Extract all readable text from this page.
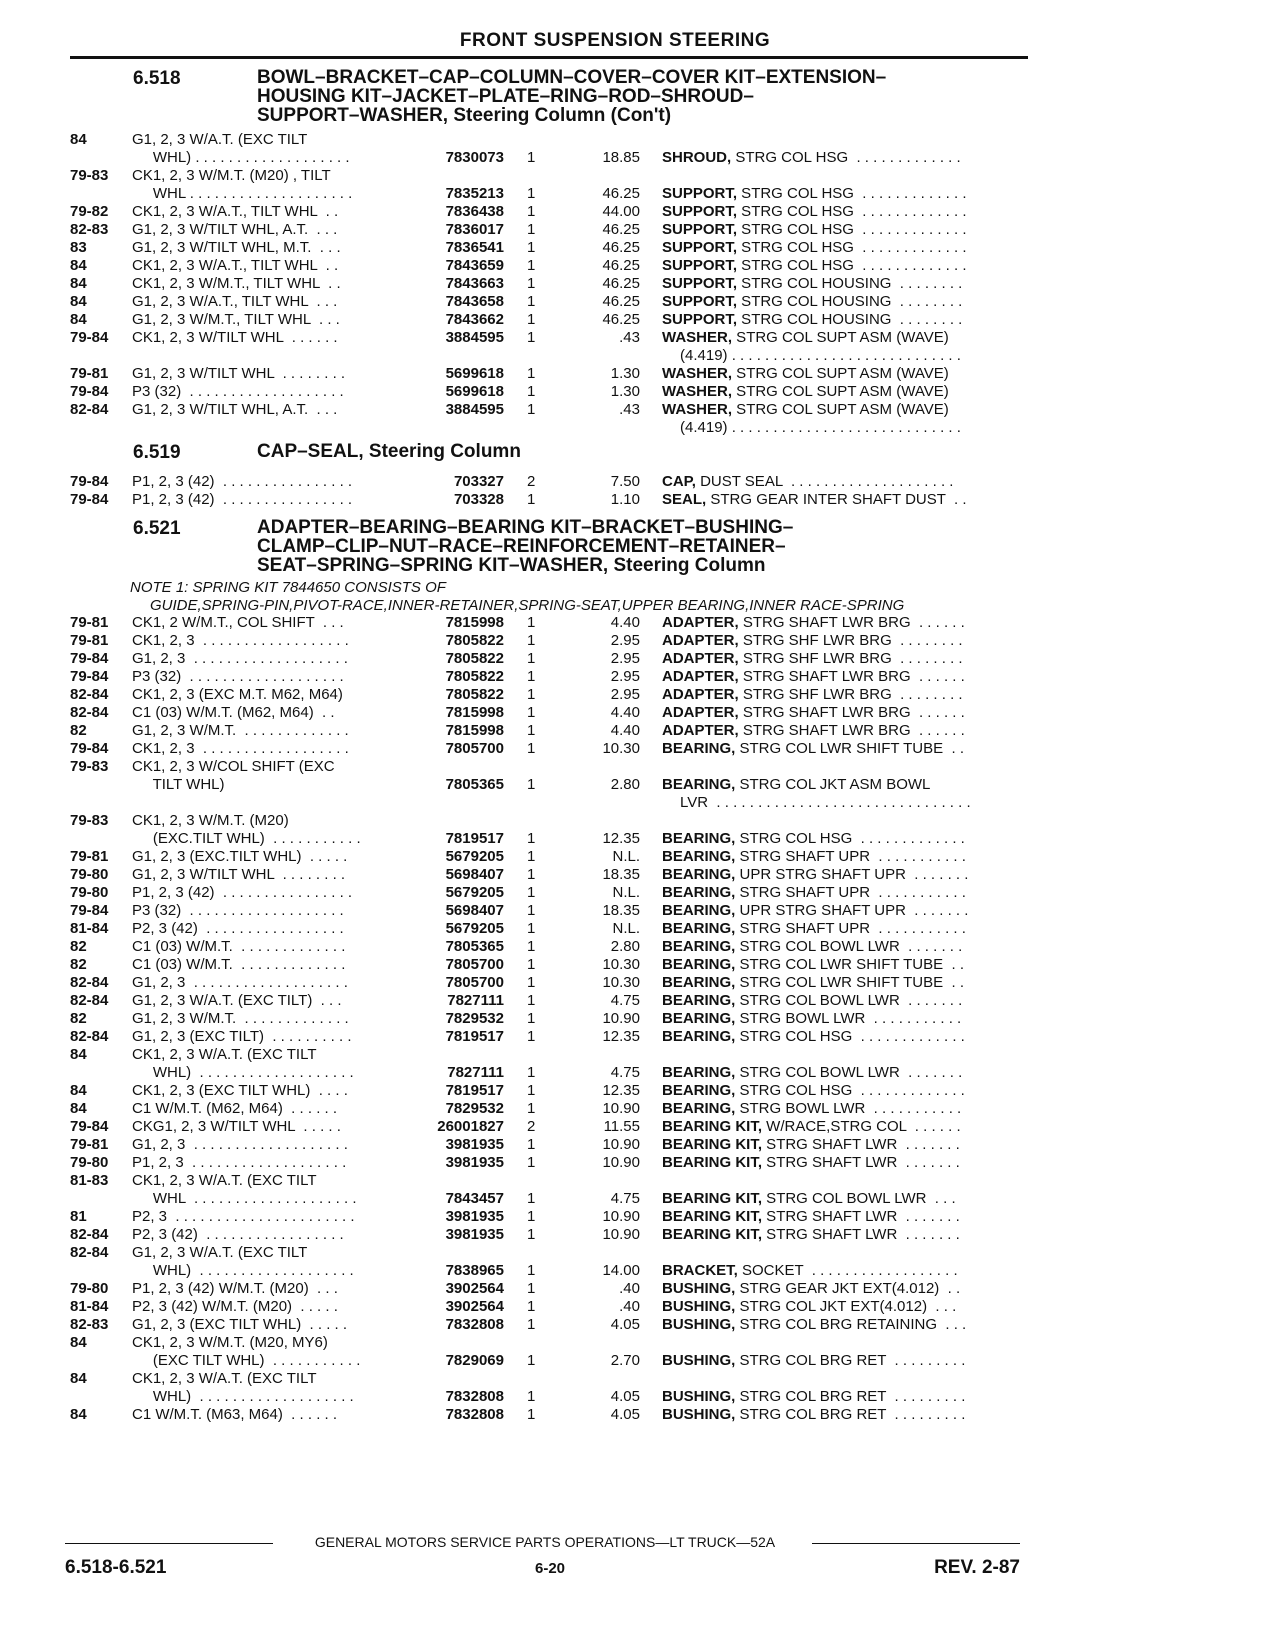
FRONT SUSPENSION STEERING
6.518	BOWL–BRACKET–CAP–COLUMN–COVER–COVER KIT–EXTENSION–
HOUSING KIT–JACKET–PLATE–RING–ROD–SHROUD–
SUPPORT–WASHER, Steering Column (Con't)
6.519	CAP–SEAL, Steering Column
6.521	ADAPTER–BEARING–BEARING KIT–BRACKET–BUSHING–
CLAMP–CLIP–NUT–RACE–REINFORCEMENT–RETAINER–
SEAT–SPRING–SPRING KIT–WASHER, Steering Column
NOTE 1: SPRING KIT 7844650 CONSISTS OF
GUIDE,SPRING-PIN,PIVOT-RACE,INNER-RETAINER,SPRING-SEAT,UPPER BEARING,INNER RACE-SPRING
84	G1, 2, 3 W/A.T. (EXC TILT
WHL) . . . . . . . . . . . . . . . . . . .	7830073 1	18.85 SHROUD, STRG COL HSG  . . . . . . . . . . . . .
79-83 CK1, 2, 3 W/M.T. (M20) , TILT
WHL . . . . . . . . . . . . . . . . . . . .	7835213 1	46.25 SUPPORT, STRG COL HSG  . . . . . . . . . . . . .
79-82 CK1, 2, 3 W/A.T., TILT WHL  . .	7836438 1	44.00 SUPPORT, STRG COL HSG  . . . . . . . . . . . . .
82-83 G1, 2, 3 W/TILT WHL, A.T.  . . .	7836017 1	46.25 SUPPORT, STRG COL HSG  . . . . . . . . . . . . .
83	G1, 2, 3 W/TILT WHL, M.T.  . . .	7836541 1	46.25 SUPPORT, STRG COL HSG  . . . . . . . . . . . . .
84	CK1, 2, 3 W/A.T., TILT WHL  . .	7843659 1	46.25 SUPPORT, STRG COL HSG  . . . . . . . . . . . . .
84	CK1, 2, 3 W/M.T., TILT WHL  . .	7843663 1	46.25 SUPPORT, STRG COL HOUSING  . . . . . . . .
84	G1, 2, 3 W/A.T., TILT WHL  . . .	7843658 1	46.25 SUPPORT, STRG COL HOUSING  . . . . . . . .
84	G1, 2, 3 W/M.T., TILT WHL  . . .	7843662 1	46.25 SUPPORT, STRG COL HOUSING  . . . . . . . .
79-84 CK1, 2, 3 W/TILT WHL  . . . . . .	3884595 1	.43 WASHER, STRG COL SUPT ASM (WAVE)
(4.419) . . . . . . . . . . . . . . . . . . . . . . . . . . . .
79-81 G1, 2, 3 W/TILT WHL  . . . . . . . .	5699618 1	1.30 WASHER, STRG COL SUPT ASM (WAVE)
79-84 P3 (32)  . . . . . . . . . . . . . . . . . . .	5699618 1	1.30 WASHER, STRG COL SUPT ASM (WAVE)
82-84 G1, 2, 3 W/TILT WHL, A.T.  . . .	3884595 1	.43 WASHER, STRG COL SUPT ASM (WAVE)
(4.419) . . . . . . . . . . . . . . . . . . . . . . . . . . . .
79-84 P1, 2, 3 (42)  . . . . . . . . . . . . . . . .	703327 2	7.50 CAP, DUST SEAL  . . . . . . . . . . . . . . . . . . . .
79-84 P1, 2, 3 (42)  . . . . . . . . . . . . . . . .	703328 1	1.10 SEAL, STRG GEAR INTER SHAFT DUST  . .
79-81 CK1, 2 W/M.T., COL SHIFT  . . .	7815998 1	4.40 ADAPTER, STRG SHAFT LWR BRG  . . . . . .
79-81 CK1, 2, 3  . . . . . . . . . . . . . . . . . .	7805822 1	2.95 ADAPTER, STRG SHF LWR BRG  . . . . . . . .
79-84 G1, 2, 3  . . . . . . . . . . . . . . . . . . .	7805822 1	2.95 ADAPTER, STRG SHF LWR BRG  . . . . . . . .
79-84 P3 (32)  . . . . . . . . . . . . . . . . . . .	7805822 1	2.95 ADAPTER, STRG SHAFT LWR BRG  . . . . . .
82-84 CK1, 2, 3 (EXC M.T. M62, M64)	7805822 1	2.95 ADAPTER, STRG SHF LWR BRG  . . . . . . . .
82-84 C1 (03) W/M.T. (M62, M64)  . .	7815998 1	4.40 ADAPTER, STRG SHAFT LWR BRG  . . . . . .
82	G1, 2, 3 W/M.T.  . . . . . . . . . . . . .	7815998 1	4.40 ADAPTER, STRG SHAFT LWR BRG  . . . . . .
79-84 CK1, 2, 3  . . . . . . . . . . . . . . . . . .	7805700 1	10.30 BEARING, STRG COL LWR SHIFT TUBE  . .
79-83 CK1, 2, 3 W/COL SHIFT (EXC
TILT WHL)	7805365 1	2.80 BEARING, STRG COL JKT ASM BOWL
LVR  . . . . . . . . . . . . . . . . . . . . . . . . . . . . . . .
79-83 CK1, 2, 3 W/M.T. (M20)
(EXC.TILT WHL)  . . . . . . . . . . .	7819517 1	12.35 BEARING, STRG COL HSG  . . . . . . . . . . . . .
79-81 G1, 2, 3 (EXC.TILT WHL)  . . . . .	5679205 1	N.L. BEARING, STRG SHAFT UPR  . . . . . . . . . . .
79-80 G1, 2, 3 W/TILT WHL  . . . . . . . .	5698407 1	18.35 BEARING, UPR STRG SHAFT UPR  . . . . . . .
79-80 P1, 2, 3 (42)  . . . . . . . . . . . . . . . .	5679205 1	N.L. BEARING, STRG SHAFT UPR  . . . . . . . . . . .
79-84 P3 (32)  . . . . . . . . . . . . . . . . . . .	5698407 1	18.35 BEARING, UPR STRG SHAFT UPR  . . . . . . .
81-84 P2, 3 (42)  . . . . . . . . . . . . . . . . .	5679205 1	N.L. BEARING, STRG SHAFT UPR  . . . . . . . . . . .
82	C1 (03) W/M.T.  . . . . . . . . . . . . .	7805365 1	2.80 BEARING, STRG COL BOWL LWR  . . . . . . .
82	C1 (03) W/M.T.  . . . . . . . . . . . . .	7805700 1	10.30 BEARING, STRG COL LWR SHIFT TUBE  . .
82-84 G1, 2, 3  . . . . . . . . . . . . . . . . . . .	7805700 1	10.30 BEARING, STRG COL LWR SHIFT TUBE  . .
82-84 G1, 2, 3 W/A.T. (EXC TILT)  . . .	7827111 1	4.75 BEARING, STRG COL BOWL LWR  . . . . . . .
82	G1, 2, 3 W/M.T.  . . . . . . . . . . . . .	7829532 1	10.90 BEARING, STRG BOWL LWR  . . . . . . . . . . .
82-84 G1, 2, 3 (EXC TILT)  . . . . . . . . . .	7819517 1	12.35 BEARING, STRG COL HSG  . . . . . . . . . . . . .
84	CK1, 2, 3 W/A.T. (EXC TILT
WHL)  . . . . . . . . . . . . . . . . . . .	7827111 1	4.75 BEARING, STRG COL BOWL LWR  . . . . . . .
84	CK1, 2, 3 (EXC TILT WHL)  . . . .	7819517 1	12.35 BEARING, STRG COL HSG  . . . . . . . . . . . . .
84	C1 W/M.T. (M62, M64)  . . . . . .	7829532 1	10.90 BEARING, STRG BOWL LWR  . . . . . . . . . . .
79-84 CKG1, 2, 3 W/TILT WHL  . . . . .	26001827 2	11.55 BEARING KIT, W/RACE,STRG COL  . . . . . .
79-81 G1, 2, 3  . . . . . . . . . . . . . . . . . . .	3981935 1	10.90 BEARING KIT, STRG SHAFT LWR  . . . . . . .
79-80 P1, 2, 3  . . . . . . . . . . . . . . . . . . .	3981935 1	10.90 BEARING KIT, STRG SHAFT LWR  . . . . . . .
81-83 CK1, 2, 3 W/A.T. (EXC TILT
WHL  . . . . . . . . . . . . . . . . . . . .	7843457 1	4.75 BEARING KIT, STRG COL BOWL LWR  . . .
81	P2, 3  . . . . . . . . . . . . . . . . . . . . . .	3981935 1	10.90 BEARING KIT, STRG SHAFT LWR  . . . . . . .
82-84 P2, 3 (42)  . . . . . . . . . . . . . . . . .	3981935 1	10.90 BEARING KIT, STRG SHAFT LWR  . . . . . . .
82-84 G1, 2, 3 W/A.T. (EXC TILT
WHL)  . . . . . . . . . . . . . . . . . . .	7838965 1	14.00 BRACKET, SOCKET  . . . . . . . . . . . . . . . . . .
79-80 P1, 2, 3 (42) W/M.T. (M20)  . . .	3902564 1	.40 BUSHING, STRG GEAR JKT EXT(4.012)  . .
81-84 P2, 3 (42) W/M.T. (M20)  . . . . .	3902564 1	.40 BUSHING, STRG COL JKT EXT(4.012)  . . .
82-83 G1, 2, 3 (EXC TILT WHL)  . . . . .	7832808 1	4.05 BUSHING, STRG COL BRG RETAINING  . . .
84	CK1, 2, 3 W/M.T. (M20, MY6)
(EXC TILT WHL)  . . . . . . . . . . .	7829069 1	2.70 BUSHING, STRG COL BRG RET  . . . . . . . . .
84	CK1, 2, 3 W/A.T. (EXC TILT
WHL)  . . . . . . . . . . . . . . . . . . .	7832808 1	4.05 BUSHING, STRG COL BRG RET  . . . . . . . . .
84	C1 W/M.T. (M63, M64)  . . . . . .	7832808 1	4.05 BUSHING, STRG COL BRG RET  . . . . . . . . .
GENERAL MOTORS SERVICE PARTS OPERATIONS—LT TRUCK—52A
6.518-6.521	6-20	REV. 2-87
